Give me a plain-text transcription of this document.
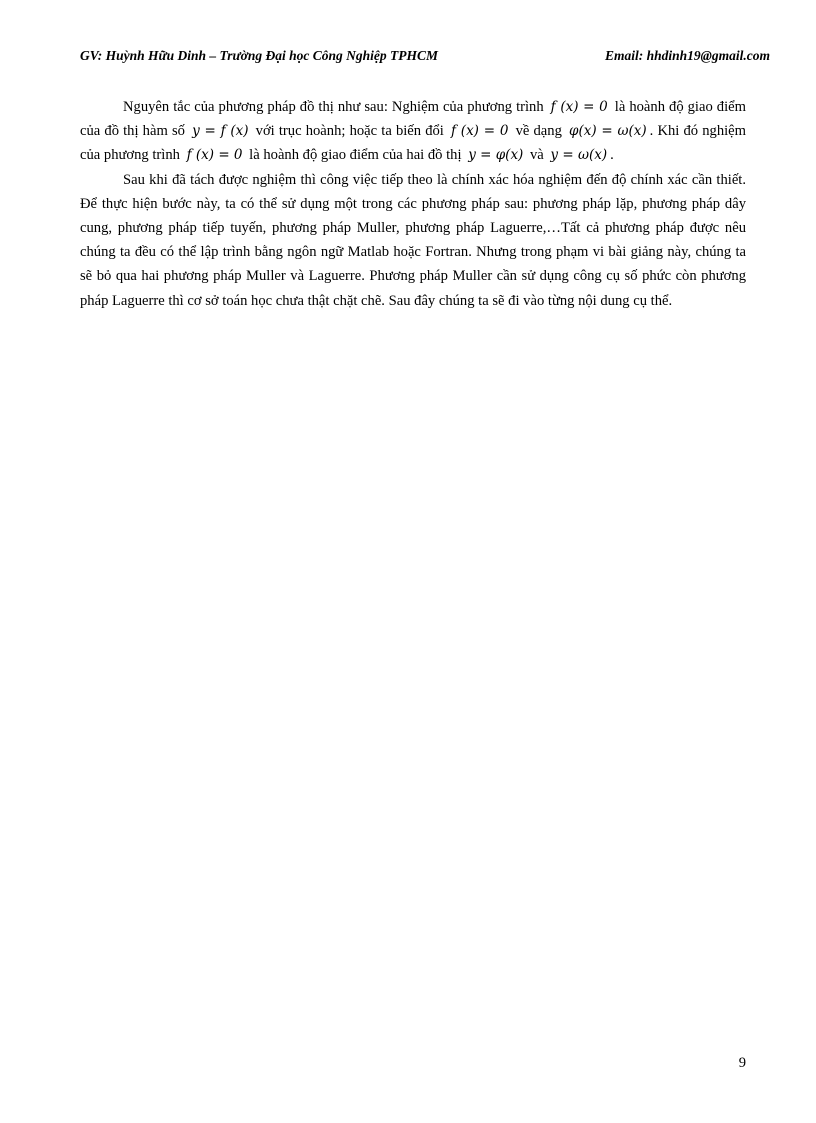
GV: Huỳnh Hữu Dinh – Trường Đại học Công Nghiệp TPHCM	Email: hhdinh19@gmail.com

Nguyên tắc của phương pháp đồ thị như sau: Nghiệm của phương trình f (x) = 0 là hoành độ giao điểm của đồ thị hàm số y = f (x) với trục hoành; hoặc ta biến đổi f (x) = 0 về dạng φ(x) = ω(x) . Khi đó nghiệm của phương trình f (x) = 0 là hoành độ giao điểm của hai đồ thị y = φ(x) và y = ω(x) .

Sau khi đã tách được nghiệm thì công việc tiếp theo là chính xác hóa nghiệm đến độ chính xác cần thiết. Để thực hiện bước này, ta có thể sử dụng một trong các phương pháp sau: phương pháp lặp, phương pháp dây cung, phương pháp tiếp tuyến, phương pháp Muller, phương pháp Laguerre,…Tất cả phương pháp được nêu chúng ta đều có thể lập trình bằng ngôn ngữ Matlab hoặc Fortran. Nhưng trong phạm vi bài giảng này, chúng ta sẽ bỏ qua hai phương pháp Muller và Laguerre. Phương pháp Muller cần sử dụng công cụ số phức còn phương pháp Laguerre thì cơ sở toán học chưa thật chặt chẽ. Sau đây chúng ta sẽ đi vào từng nội dung cụ thể.

9
